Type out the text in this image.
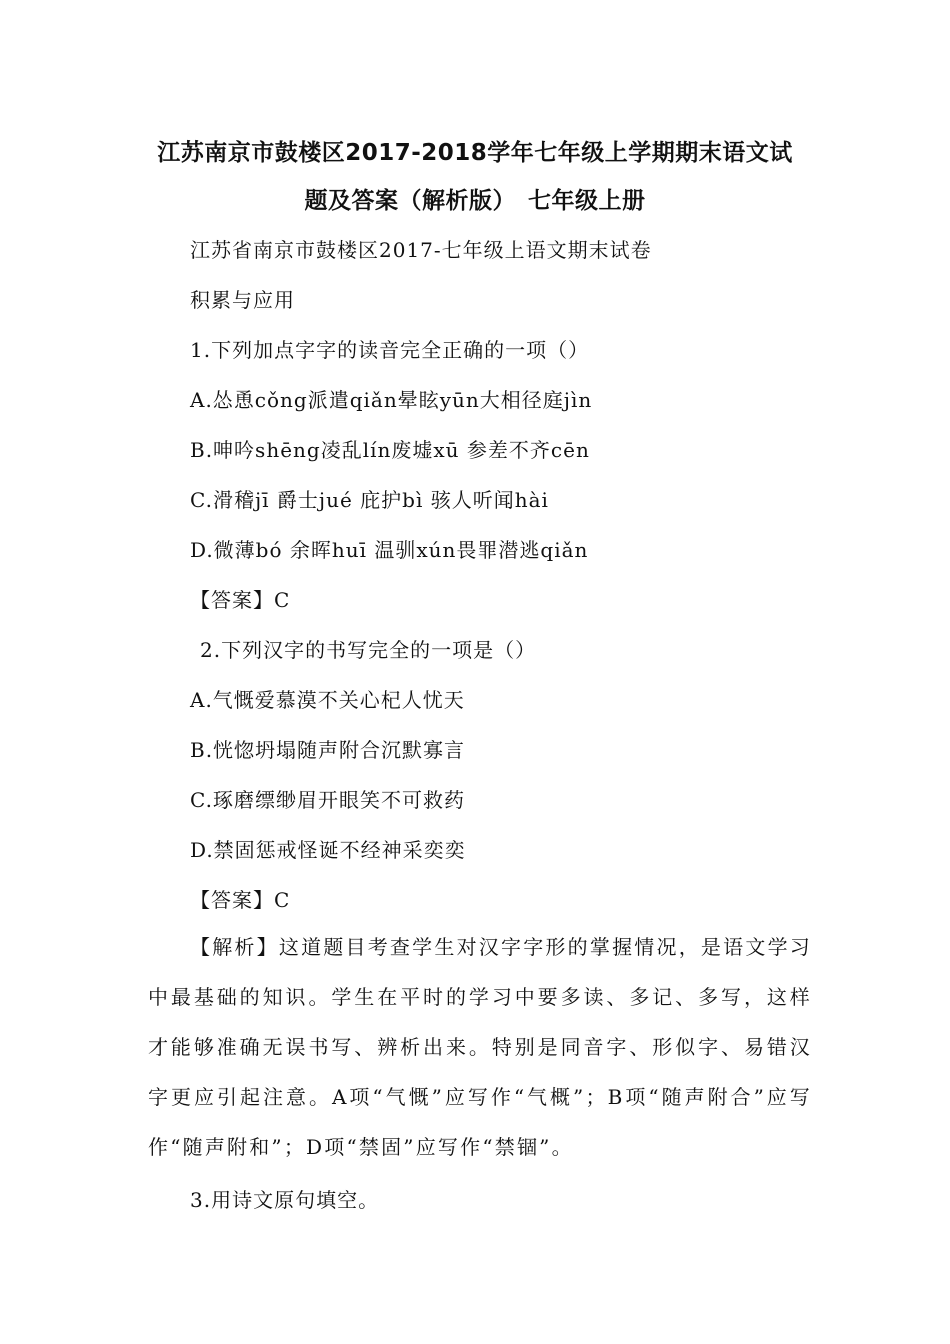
江苏南京市鼓楼区2017-2018学年七年级上学期期末语文试
题及答案（解析版）　七年级上册
江苏省南京市鼓楼区2017-七年级上语文期末试卷
积累与应用
1.下列加点字字的读音完全正确的一项（）
A.怂恿cǒng派遣qiǎn晕眩yūn大相径庭jìn
B.呻吟shēng凌乱lín废墟xū 参差不齐cēn
C.滑稽jī 爵士jué 庇护bì 骇人听闻hài
D.微薄bó 余晖huī 温驯xún畏罪潜逃qiǎn
【答案】C
2.下列汉字的书写完全的一项是（）
A.气慨爱慕漠不关心杞人忧天
B.恍惚坍塌随声附合沉默寡言
C.琢磨缥缈眉开眼笑不可救药
D.禁固惩戒怪诞不经神采奕奕
【答案】C
【解析】这道题目考查学生对汉字字形的掌握情况，是语文学习中最基础的知识。学生在平时的学习中要多读、多记、多写，这样才能够准确无误书写、辨析出来。特别是同音字、形似字、易错汉字更应引起注意。A项“气慨”应写作“气概”；B项“随声附合”应写作“随声附和”；D项“禁固”应写作“禁锢”。
3.用诗文原句填空。
